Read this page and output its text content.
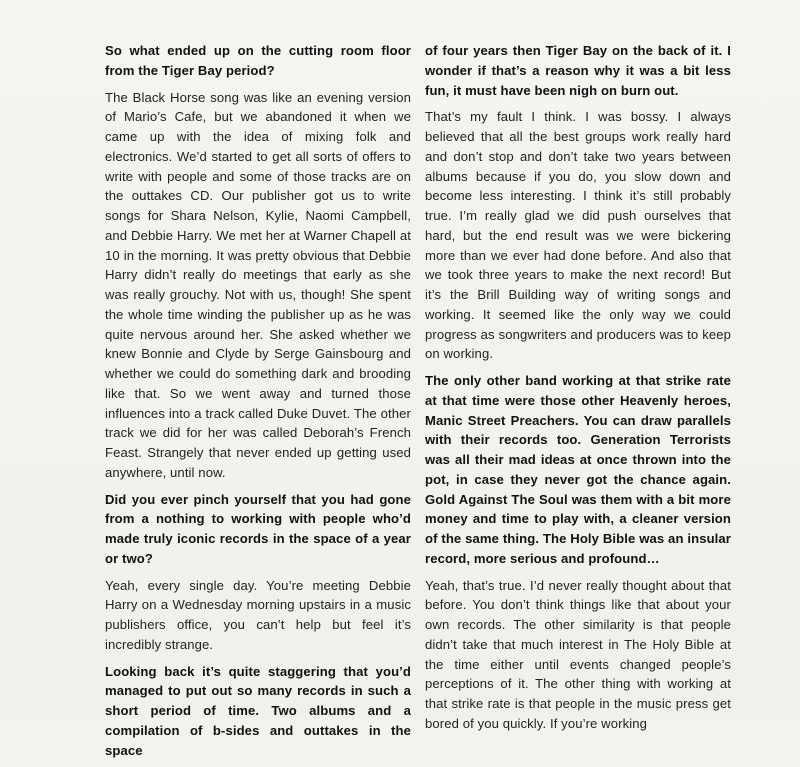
So what ended up on the cutting room floor from the Tiger Bay period?

The Black Horse song was like an evening version of Mario’s Cafe, but we abandoned it when we came up with the idea of mixing folk and electronics. We’d started to get all sorts of offers to write with people and some of those tracks are on the outtakes CD. Our publisher got us to write songs for Shara Nelson, Kylie, Naomi Campbell, and Debbie Harry. We met her at Warner Chapell at 10 in the morning. It was pretty obvious that Debbie Harry didn’t really do meetings that early as she was really grouchy. Not with us, though! She spent the whole time winding the publisher up as he was quite nervous around her. She asked whether we knew Bonnie and Clyde by Serge Gainsbourg and whether we could do something dark and brooding like that. So we went away and turned those influences into a track called Duke Duvet. The other track we did for her was called Deborah’s French Feast. Strangely that never ended up getting used anywhere, until now.

Did you ever pinch yourself that you had gone from a nothing to working with people who’d made truly iconic records in the space of a year or two?

Yeah, every single day. You’re meeting Debbie Harry on a Wednesday morning upstairs in a music publishers office, you can’t help but feel it’s incredibly strange.

Looking back it’s quite staggering that you’d managed to put out so many records in such a short period of time. Two albums and a compilation of b-sides and outtakes in the space

of four years then Tiger Bay on the back of it. I wonder if that’s a reason why it was a bit less fun, it must have been nigh on burn out.

That’s my fault I think. I was bossy. I always believed that all the best groups work really hard and don’t stop and don’t take two years between albums because if you do, you slow down and become less interesting. I think it’s still probably true. I’m really glad we did push ourselves that hard, but the end result was we were bickering more than we ever had done before. And also that we took three years to make the next record! But it’s the Brill Building way of writing songs and working. It seemed like the only way we could progress as songwriters and producers was to keep on working.

The only other band working at that strike rate at that time were those other Heavenly heroes, Manic Street Preachers. You can draw parallels with their records too. Generation Terrorists was all their mad ideas at once thrown into the pot, in case they never got the chance again. Gold Against The Soul was them with a bit more money and time to play with, a cleaner version of the same thing. The Holy Bible was an insular record, more serious and profound…

Yeah, that’s true. I’d never really thought about that before. You don’t think things like that about your own records. The other similarity is that people didn’t take that much interest in The Holy Bible at the time either until events changed people’s perceptions of it. The other thing with working at that strike rate is that people in the music press get bored of you quickly. If you’re working
